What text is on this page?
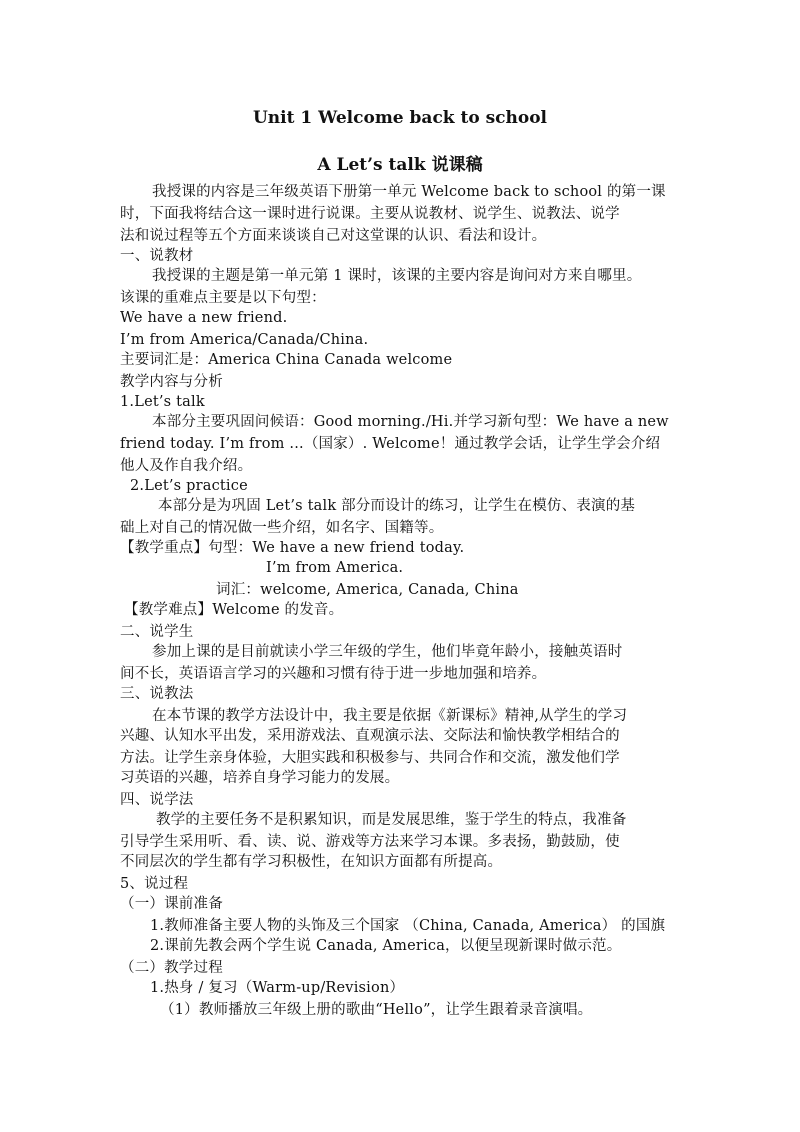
Unit 1 Welcome back to school
A Let’s talk 说课稿
我授课的内容是三年级英语下册第一单元 Welcome back to school 的第一课
时，下面我将结合这一课时进行说课。主要从说教材、说学生、说教法、说学
法和说过程等五个方面来谈谈自己对这堂课的认识、看法和设计。
一、说教材
我授课的主题是第一单元第 1 课时，该课的主要内容是询问对方来自哪里。
该课的重难点主要是以下句型：
We have a new friend.
I’m from America/Canada/China.
主要词汇是：America China Canada welcome
教学内容与分析
1.Let’s talk
本部分主要巩固问候语：Good morning./Hi.并学习新句型：We have a new
friend today. I’m from ...（国家）. Welcome！通过教学会话，让学生学会介绍
他人及作自我介绍。
2.Let’s practice
本部分是为巩固 Let’s talk 部分而设计的练习，让学生在模仿、表演的基
础上对自己的情况做一些介绍，如名字、国籍等。
【教学重点】句型：We have a new friend today.
I’m from America.
词汇：welcome, America, Canada, China
【教学难点】Welcome 的发音。
二、说学生
参加上课的是目前就读小学三年级的学生，他们毕竟年龄小，接触英语时
间不长，英语语言学习的兴趣和习惯有待于进一步地加强和培养。
三、说教法
在本节课的教学方法设计中，我主要是依据《新课标》精神,从学生的学习
兴趣、认知水平出发，采用游戏法、直观演示法、交际法和愉快教学相结合的
方法。让学生亲身体验，大胆实践和积极参与、共同合作和交流，激发他们学
习英语的兴趣，培养自身学习能力的发展。
四、说学法
教学的主要任务不是积累知识，而是发展思维，鉴于学生的特点，我准备
引导学生采用听、看、读、说、游戏等方法来学习本课。多表扬，勤鼓励，使
不同层次的学生都有学习积极性，在知识方面都有所提高。
5、说过程
（一）课前准备
1.教师准备主要人物的头饰及三个国家 （China, Canada, America） 的国旗
2.课前先教会两个学生说 Canada, America，以便呈现新课时做示范。
（二）教学过程
1.热身 / 复习（Warm-up/Revision）
（1）教师播放三年级上册的歌曲“Hello”，让学生跟着录音演唱。
